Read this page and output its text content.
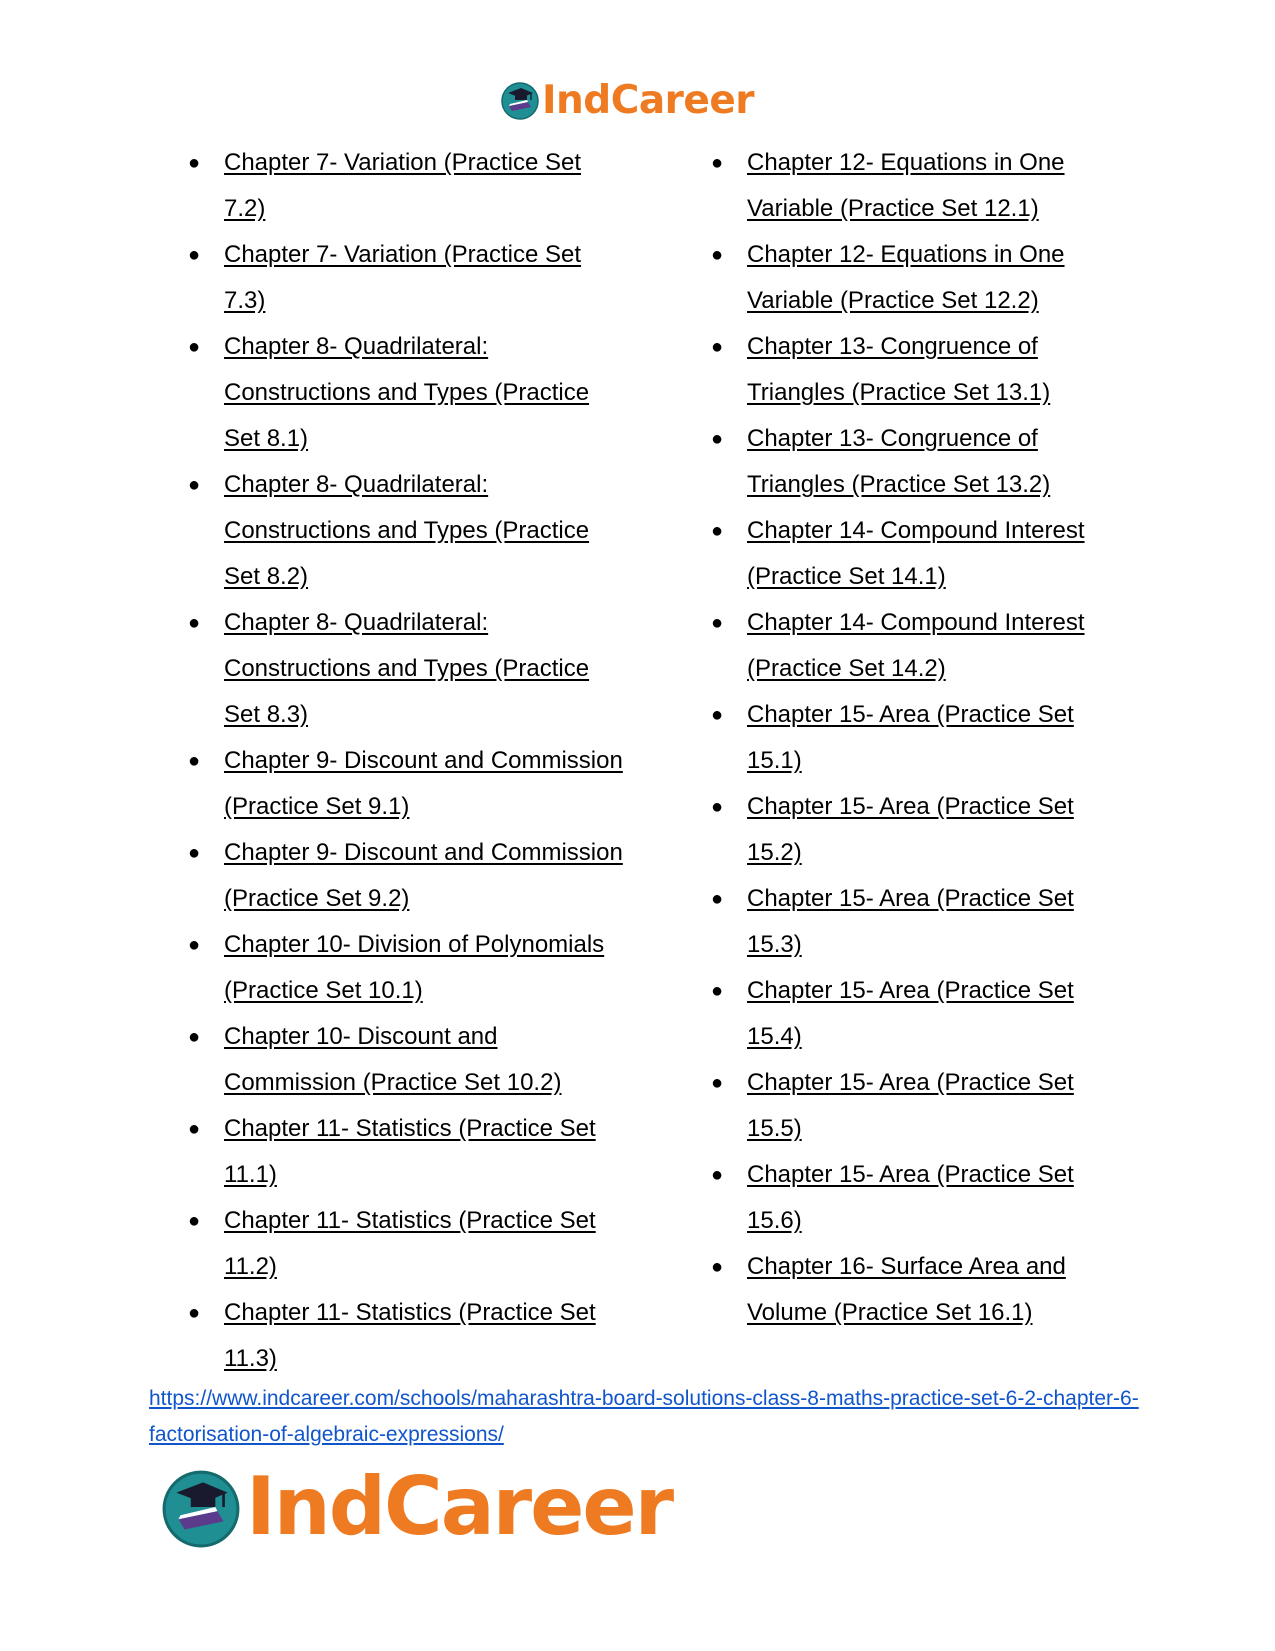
IndCareer
● Chapter 7- Variation (Practice Set 7.2)
● Chapter 7- Variation (Practice Set 7.3)
● Chapter 8- Quadrilateral: Constructions and Types (Practice Set 8.1)
● Chapter 8- Quadrilateral: Constructions and Types (Practice Set 8.2)
● Chapter 8- Quadrilateral: Constructions and Types (Practice Set 8.3)
● Chapter 9- Discount and Commission (Practice Set 9.1)
● Chapter 9- Discount and Commission (Practice Set 9.2)
● Chapter 10- Division of Polynomials (Practice Set 10.1)
● Chapter 10- Discount and Commission (Practice Set 10.2)
● Chapter 11- Statistics (Practice Set 11.1)
● Chapter 11- Statistics (Practice Set 11.2)
● Chapter 11- Statistics (Practice Set 11.3)
● Chapter 12- Equations in One Variable (Practice Set 12.1)
● Chapter 12- Equations in One Variable (Practice Set 12.2)
● Chapter 13- Congruence of Triangles (Practice Set 13.1)
● Chapter 13- Congruence of Triangles (Practice Set 13.2)
● Chapter 14- Compound Interest (Practice Set 14.1)
● Chapter 14- Compound Interest (Practice Set 14.2)
● Chapter 15- Area (Practice Set 15.1)
● Chapter 15- Area (Practice Set 15.2)
● Chapter 15- Area (Practice Set 15.3)
● Chapter 15- Area (Practice Set 15.4)
● Chapter 15- Area (Practice Set 15.5)
● Chapter 15- Area (Practice Set 15.6)
● Chapter 16- Surface Area and Volume (Practice Set 16.1)
https://www.indcareer.com/schools/maharashtra-board-solutions-class-8-maths-practice-set-6-2-chapter-6-factorisation-of-algebraic-expressions/
IndCareer
